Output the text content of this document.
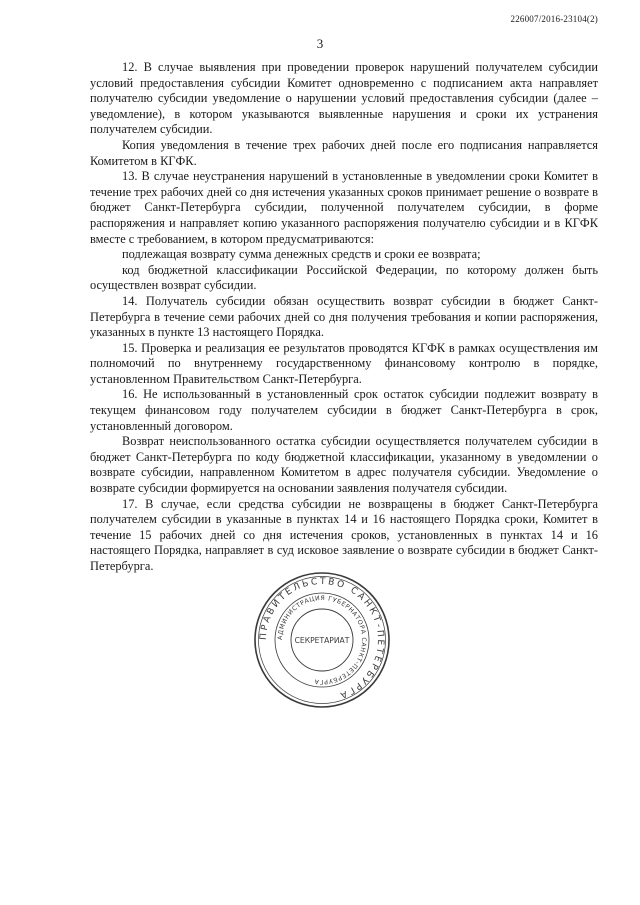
226007/2016-23104(2)
3

12. В случае выявления при проведении проверок нарушений получателем субсидии условий предоставления субсидии Комитет одновременно с подписанием акта направляет получателю субсидии уведомление о нарушении условий предоставления субсидии (далее – уведомление), в котором указываются выявленные нарушения и сроки их устранения получателем субсидии.

Копия уведомления в течение трех рабочих дней после его подписания направляется Комитетом в КГФК.

13. В случае неустранения нарушений в установленные в уведомлении сроки Комитет в течение трех рабочих дней со дня истечения указанных сроков принимает решение о возврате в бюджет Санкт-Петербурга субсидии, полученной получателем субсидии, в форме распоряжения и направляет копию указанного распоряжения получателю субсидии и в КГФК вместе с требованием, в котором предусматриваются:

подлежащая возврату сумма денежных средств и сроки ее возврата;

код бюджетной классификации Российской Федерации, по которому должен быть осуществлен возврат субсидии.

14. Получатель субсидии обязан осуществить возврат субсидии в бюджет Санкт-Петербурга в течение семи рабочих дней со дня получения требования и копии распоряжения, указанных в пункте 13 настоящего Порядка.

15. Проверка и реализация ее результатов проводятся КГФК в рамках осуществления им полномочий по внутреннему государственному финансовому контролю в порядке, установленном Правительством Санкт-Петербурга.

16. Не использованный в установленный срок остаток субсидии подлежит возврату в текущем финансовом году получателем субсидии в бюджет Санкт-Петербурга в срок, установленный договором.

Возврат неиспользованного остатка субсидии осуществляется получателем субсидии в бюджет Санкт-Петербурга по коду бюджетной классификации, указанному в уведомлении о возврате субсидии, направленном Комитетом в адрес получателя субсидии. Уведомление о возврате субсидии формируется на основании заявления получателя субсидии.

17. В случае, если средства субсидии не возвращены в бюджет Санкт-Петербурга получателем субсидии в указанные в пунктах 14 и 16 настоящего Порядка сроки, Комитет в течение 15 рабочих дней со дня истечения сроков, установленных в пунктах 14 и 16 настоящего Порядка, направляет в суд исковое заявление о возврате субсидии в бюджет Санкт-Петербурга.

ПРАВИТЕЛЬСТВО САНКТ-ПЕТЕРБУРГА
АДМИНИСТРАЦИЯ ГУБЕРНАТОРА САНКТ-ПЕТЕРБУРГА
СЕКРЕТАРИАТ
